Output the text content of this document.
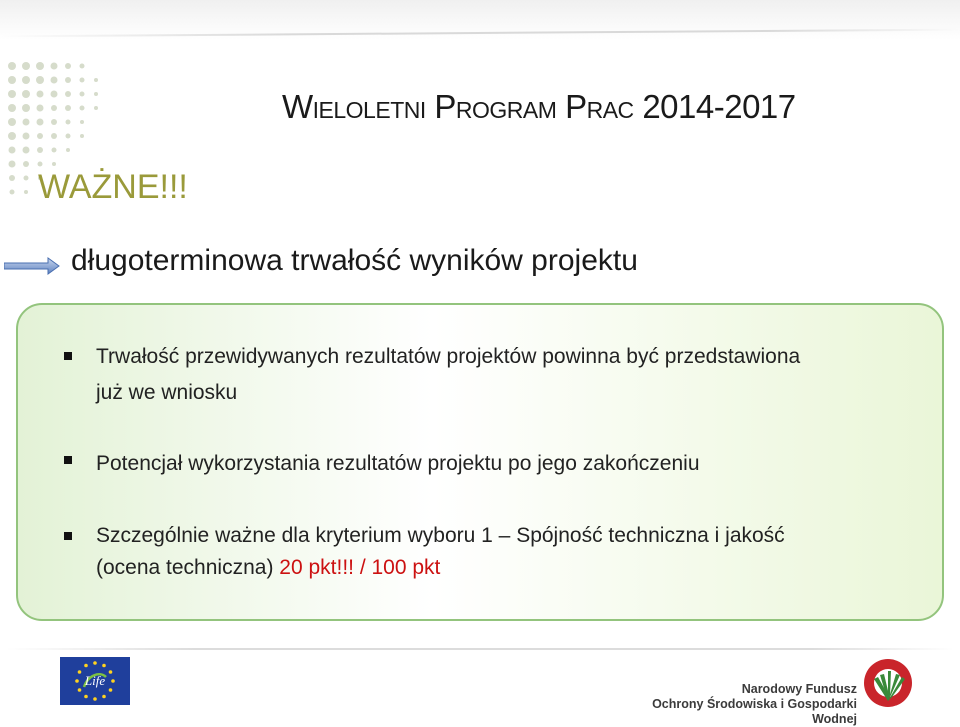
Wieloletni Program Prac 2014-2017
WAŻNE!!!
długoterminowa trwałość wyników projektu
Trwałość przewidywanych rezultatów projektów powinna być przedstawiona
już we wniosku
Potencjał wykorzystania rezultatów projektu po jego zakończeniu
Szczególnie ważne dla kryterium wyboru 1 – Spójność techniczna i jakość
(ocena techniczna) 20 pkt!!! / 100 pkt
Life
Narodowy Fundusz
Ochrony Środowiska i Gospodarki Wodnej
